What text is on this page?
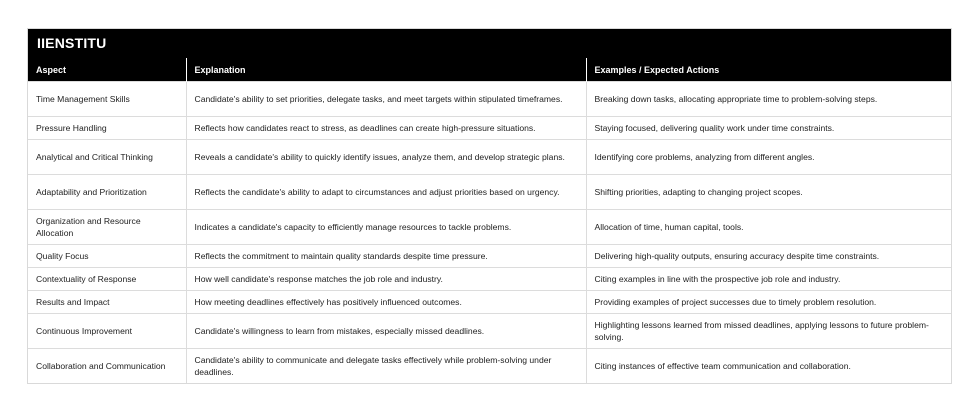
IIENSTITU
Aspect	Explanation	Examples / Expected Actions
Time Management Skills	Candidate's ability to set priorities, delegate tasks, and meet targets within stipulated timeframes.	Breaking down tasks, allocating appropriate time to problem-solving steps.
Pressure Handling	Reflects how candidates react to stress, as deadlines can create high-pressure situations.	Staying focused, delivering quality work under time constraints.
Analytical and Critical Thinking	Reveals a candidate's ability to quickly identify issues, analyze them, and develop strategic plans.	Identifying core problems, analyzing from different angles.
Adaptability and Prioritization	Reflects the candidate's ability to adapt to circumstances and adjust priorities based on urgency.	Shifting priorities, adapting to changing project scopes.
Organization and Resource Allocation	Indicates a candidate's capacity to efficiently manage resources to tackle problems.	Allocation of time, human capital, tools.
Quality Focus	Reflects the commitment to maintain quality standards despite time pressure.	Delivering high-quality outputs, ensuring accuracy despite time constraints.
Contextuality of Response	How well candidate's response matches the job role and industry.	Citing examples in line with the prospective job role and industry.
Results and Impact	How meeting deadlines effectively has positively influenced outcomes.	Providing examples of project successes due to timely problem resolution.
Continuous Improvement	Candidate's willingness to learn from mistakes, especially missed deadlines.	Highlighting lessons learned from missed deadlines, applying lessons to future problem-solving.
Collaboration and Communication	Candidate's ability to communicate and delegate tasks effectively while problem-solving under deadlines.	Citing instances of effective team communication and collaboration.
